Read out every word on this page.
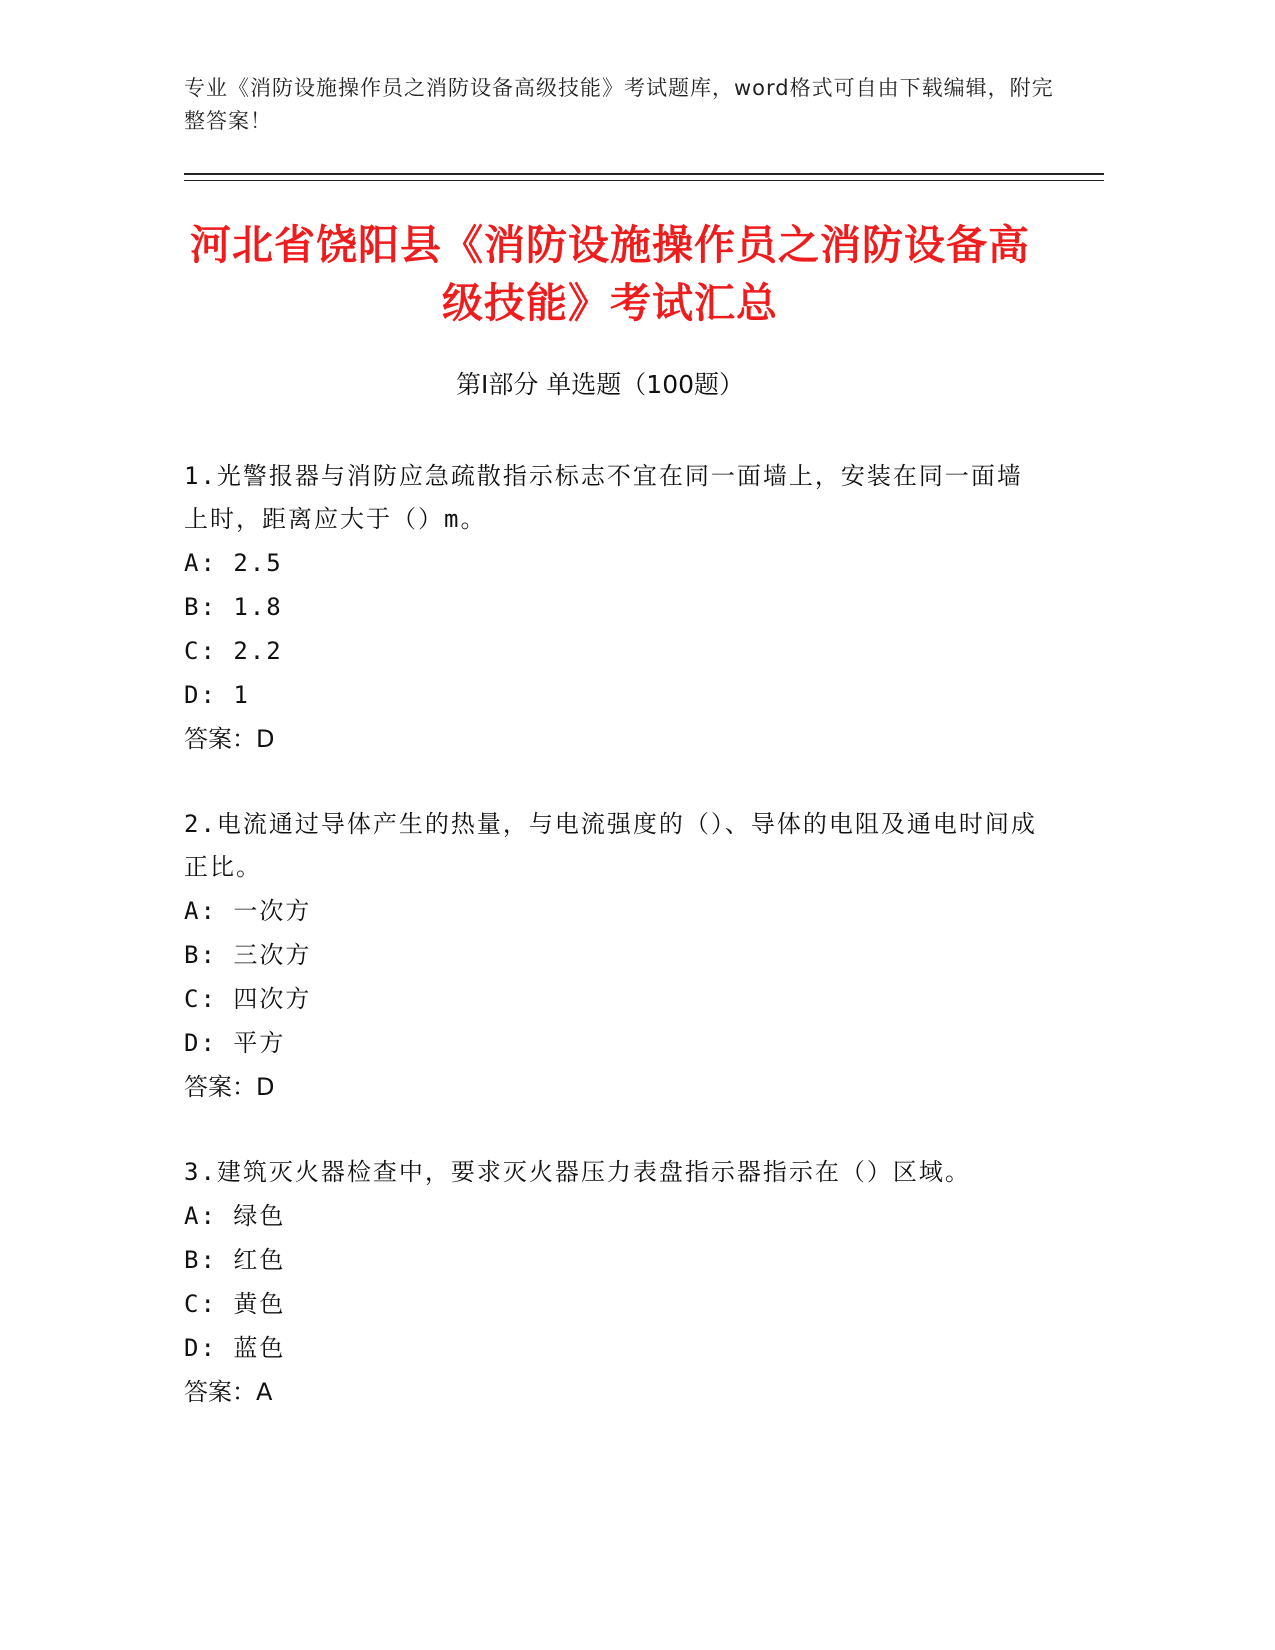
专业《消防设施操作员之消防设备高级技能》考试题库，word格式可自由下载编辑，附完整答案！
河北省饶阳县《消防设施操作员之消防设备高级技能》考试汇总
第I部分 单选题（100题）
1.光警报器与消防应急疏散指示标志不宜在同一面墙上，安装在同一面墙上时，距离应大于（）m。
A: 2.5
B: 1.8
C: 2.2
D: 1
答案：D
2.电流通过导体产生的热量，与电流强度的（）、导体的电阻及通电时间成正比。
A: 一次方
B: 三次方
C: 四次方
D: 平方
答案：D
3.建筑灭火器检查中，要求灭火器压力表盘指示器指示在（）区域。
A: 绿色
B: 红色
C: 黄色
D: 蓝色
答案：A
